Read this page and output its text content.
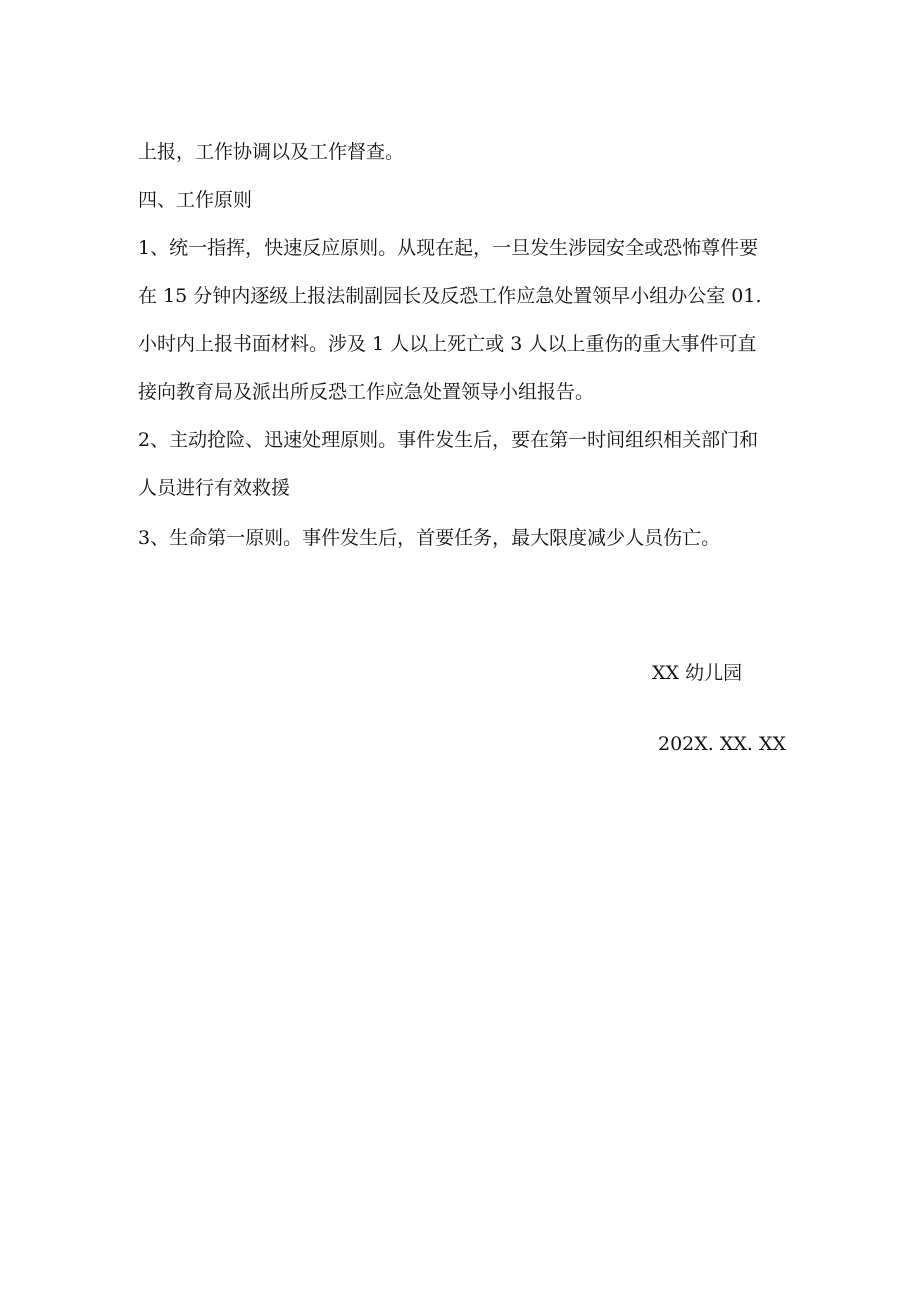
上报，工作协调以及工作督查。

四、工作原则

1、统一指挥，快速反应原则。从现在起，一旦发生涉园安全或恐怖尊件要
在 15 分钟内逐级上报法制副园长及反恐工作应急处置领早小组办公室 01.
小时内上报书面材料。涉及 1 人以上死亡或 3 人以上重伤的重大事件可直
接向教育局及派出所反恐工作应急处置领导小组报告。

2、主动抢险、迅速处理原则。事件发生后，要在第一时间组织相关部门和
人员进行有效救援

3、生命第一原则。事件发生后，首要任务，最大限度减少人员伤亡。

XX 幼儿园
202X. XX. XX
